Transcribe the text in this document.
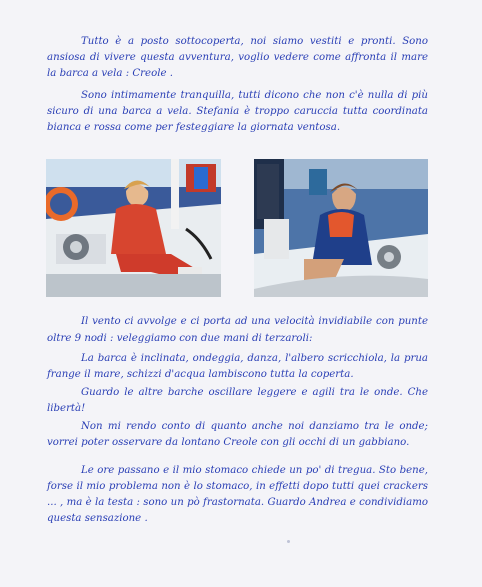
Tutto è a posto sottocoperta, noi siamo vestiti e pronti. Sono ansiosa di vivere questa avventura, voglio vedere come affronta il mare la barca a vela : Creole .

Sono intimamente tranquilla, tutti dicono che non c'è nulla di più sicuro di una barca a vela. Stefania è troppo caruccia tutta coordinata bianca e rossa come per festeggiare la giornata ventosa.

Il vento ci avvolge e ci porta ad una velocità invidiabile con punte oltre 9 nodi : veleggiamo con due mani di terzaroli:

La barca è inclinata, ondeggia, danza, l'albero scricchiola, la prua frange il mare, schizzi d'acqua lambiscono tutta la coperta.

Guardo le altre barche oscillare leggere e agili tra le onde. Che libertà!

Non mi rendo conto di quanto anche noi danziamo tra le onde; vorrei poter osservare da lontano Creole con gli occhi di un gabbiano.

Le ore passano e il mio stomaco chiede un po' di tregua. Sto bene, forse il mio problema non è lo stomaco, in effetti dopo tutti quei crackers ... , ma è la testa : sono un pò frastornata. Guardo Andrea e condividiamo questa sensazione .
